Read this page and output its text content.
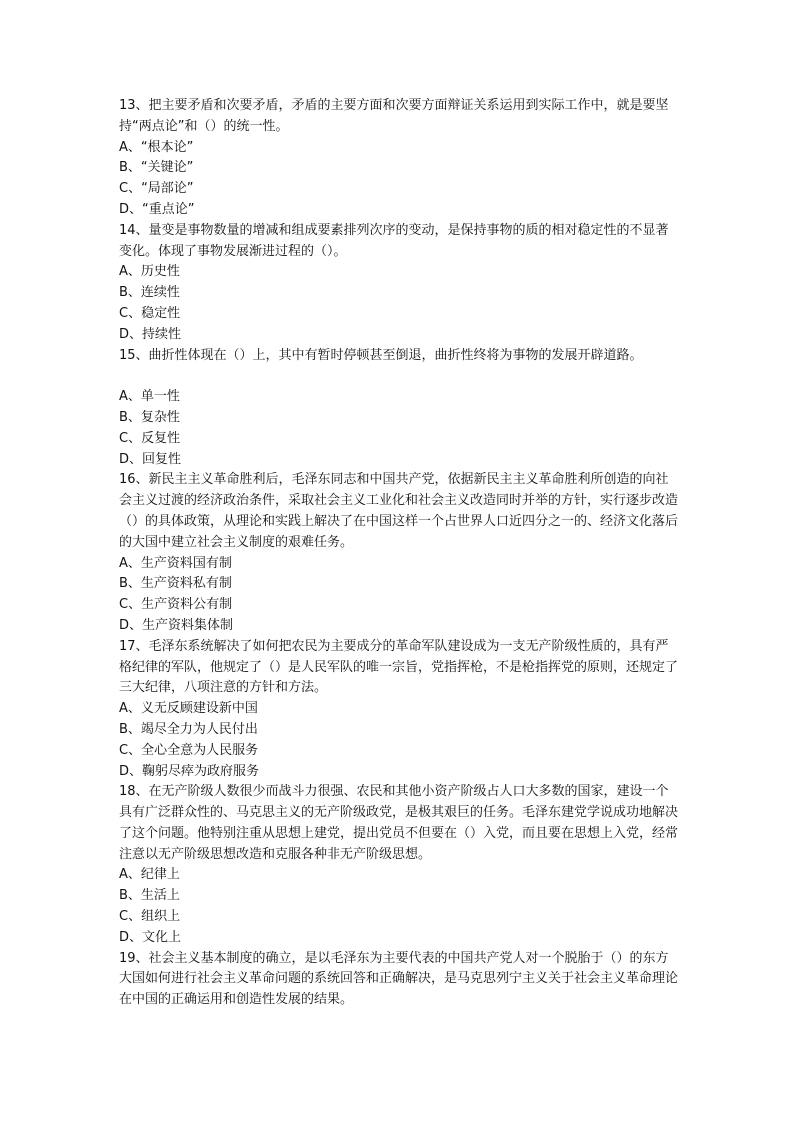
13、把主要矛盾和次要矛盾，矛盾的主要方面和次要方面辩证关系运用到实际工作中，就是要坚持“两点论”和（）的统一性。

A、“根本论”

B、“关键论”

C、“局部论”

D、“重点论”

14、量变是事物数量的增减和组成要素排列次序的变动，是保持事物的质的相对稳定性的不显著变化。体现了事物发展渐进过程的（）。

A、历史性

B、连续性

C、稳定性

D、持续性

15、曲折性体现在（）上，其中有暂时停顿甚至倒退，曲折性终将为事物的发展开辟道路。

A、单一性

B、复杂性

C、反复性

D、回复性

16、新民主主义革命胜利后，毛泽东同志和中国共产党，依据新民主主义革命胜利所创造的向社会主义过渡的经济政治条件，采取社会主义工业化和社会主义改造同时并举的方针，实行逐步改造（）的具体政策，从理论和实践上解决了在中国这样一个占世界人口近四分之一的、经济文化落后的大国中建立社会主义制度的艰难任务。

A、生产资料国有制

B、生产资料私有制

C、生产资料公有制

D、生产资料集体制

17、毛泽东系统解决了如何把农民为主要成分的革命军队建设成为一支无产阶级性质的，具有严格纪律的军队，他规定了（）是人民军队的唯一宗旨，党指挥枪，不是枪指挥党的原则，还规定了三大纪律，八项注意的方针和方法。

A、义无反顾建设新中国

B、竭尽全力为人民付出

C、全心全意为人民服务

D、鞠躬尽瘁为政府服务

18、在无产阶级人数很少而战斗力很强、农民和其他小资产阶级占人口大多数的国家，建设一个具有广泛群众性的、马克思主义的无产阶级政党，是极其艰巨的任务。毛泽东建党学说成功地解决了这个问题。他特别注重从思想上建党，提出党员不但要在（）入党，而且要在思想上入党，经常注意以无产阶级思想改造和克服各种非无产阶级思想。

A、纪律上

B、生活上

C、组织上

D、文化上

19、社会主义基本制度的确立，是以毛泽东为主要代表的中国共产党人对一个脱胎于（）的东方大国如何进行社会主义革命问题的系统回答和正确解决，是马克思列宁主义关于社会主义革命理论在中国的正确运用和创造性发展的结果。
